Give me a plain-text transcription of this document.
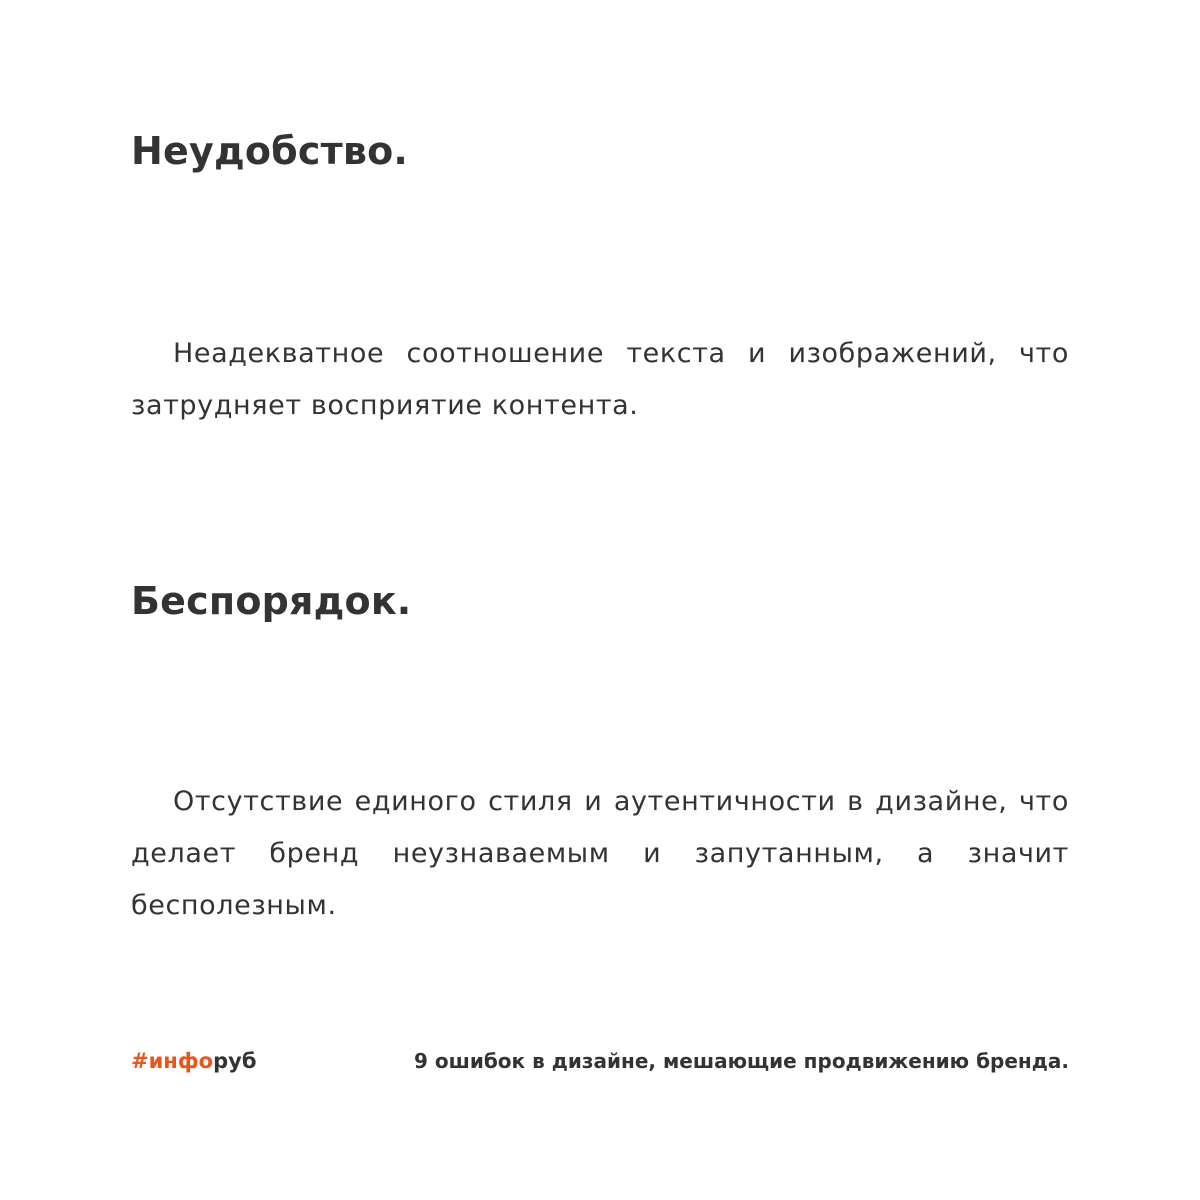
Неудобство.

Неадекватное соотношение текста и изображений, что затрудняет восприятие контента.

Беспорядок.

Отсутствие единого стиля и аутентичности в дизайне, что делает бренд неузнаваемым и запутанным, а значит бесполезным.

#инфоруб	9 ошибок в дизайне, мешающие продвижению бренда.
